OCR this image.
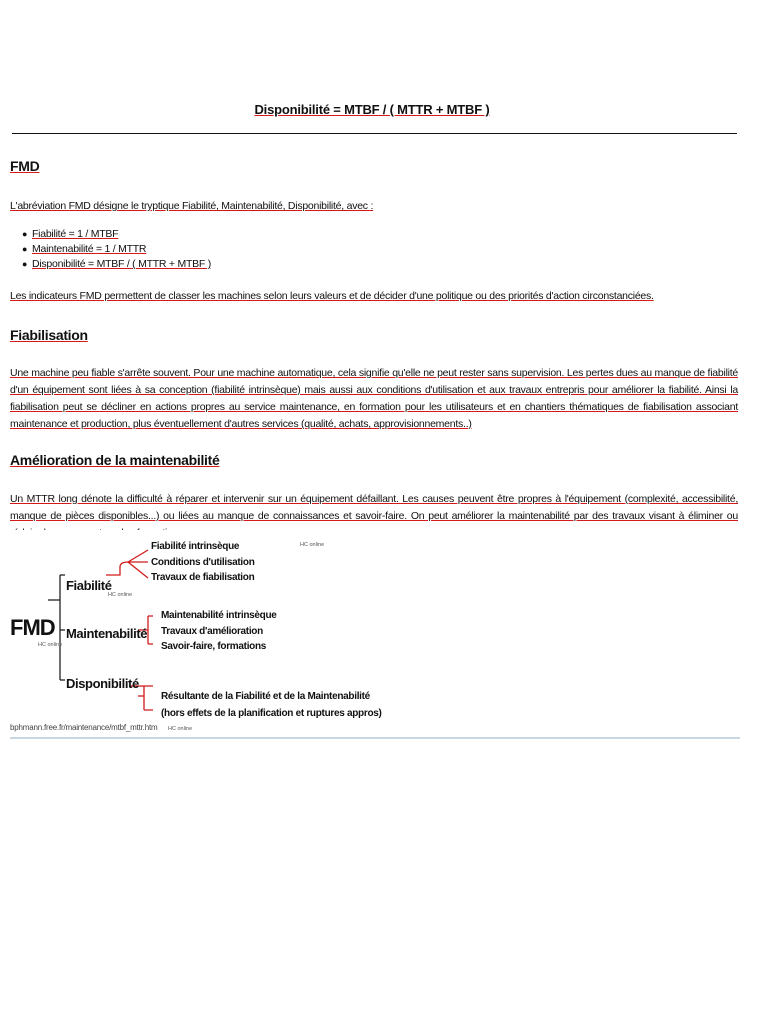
Disponibilité = MTBF / ( MTTR + MTBF )
FMD
L'abréviation FMD désigne le tryptique Fiabilité, Maintenabilité, Disponibilité, avec :
● Fiabilité = 1 / MTBF
● Maintenabilité = 1 / MTTR
● Disponibilité = MTBF / ( MTTR + MTBF )
Les indicateurs FMD permettent de classer les machines selon leurs valeurs et de décider d'une politique ou des priorités d'action circonstanciées.
Fiabilisation
Une machine peu fiable s'arrête souvent. Pour une machine automatique, cela signifie qu'elle ne peut rester sans supervision. Les pertes dues au manque de fiabilité d'un équipement sont liées à sa conception (fiabilité intrinsèque) mais aussi aux conditions d'utilisation et aux travaux entrepris pour améliorer la fiabilité. Ainsi la fiabilisation peut se décliner en actions propres au service maintenance, en formation pour les utilisateurs et en chantiers thématiques de fiabilisation associant maintenance et production, plus éventuellement d'autres services (qualité, achats, approvisionnements..)
Amélioration de la maintenabilité
Un MTTR long dénote la difficulté à réparer et intervenir sur un équipement défaillant. Les causes peuvent être propres à l'équipement (complexité, accessibilité, manque de pièces disponibles...) ou liées au manque de connaissances et savoir-faire. On peut améliorer la maintenabilité par des travaux visant à éliminer ou
FMD
HC online
Fiabilité
HC online
Fiabilité intrinsèque
Conditions d'utilisation
Travaux de fiabilisation
HC online
Maintenabilité
Maintenabilité intrinsèque
Travaux d'amélioration
Savoir-faire, formations
Disponibilité
Résultante de la Fiabilité et de la Maintenabilité
(hors effets de la planification et ruptures appros)
bphmann.free.fr/maintenance/mtbf_mttr.htm HC online
